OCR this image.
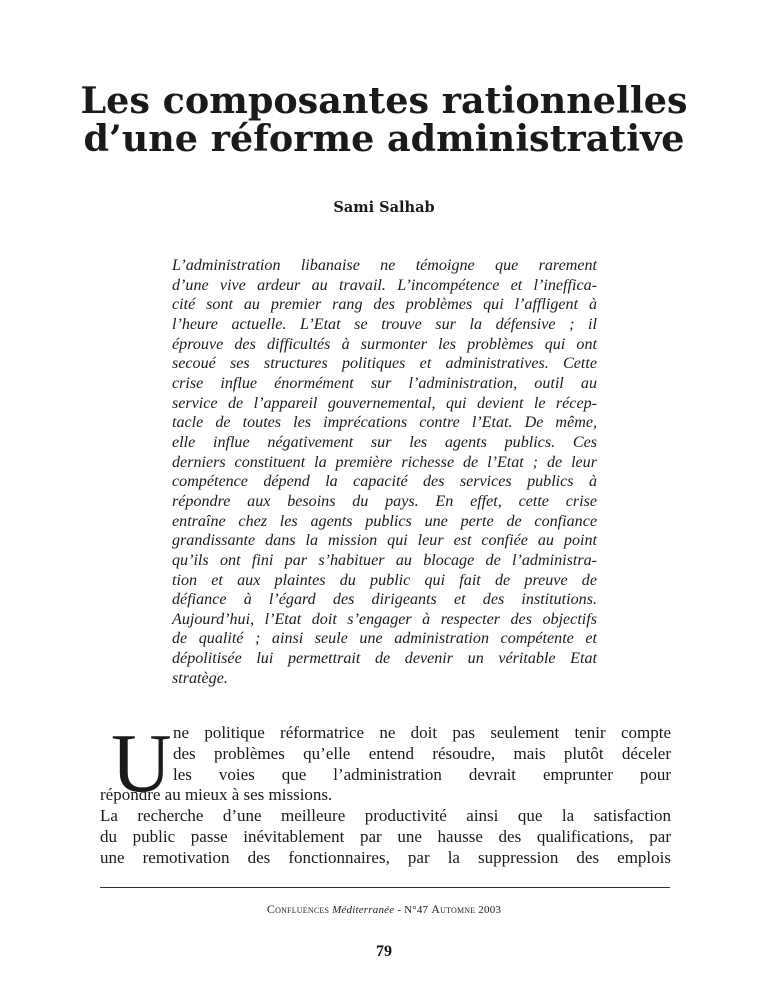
Les composantes rationnelles
d’une réforme administrative
Sami Salhab
L’administration libanaise ne témoigne que rarement
d’une vive ardeur au travail. L’incompétence et l’ineffica-
cité sont au premier rang des problèmes qui l’affligent à
l’heure actuelle. L’Etat se trouve sur la défensive ; il
éprouve des difficultés à surmonter les problèmes qui ont
secoué ses structures politiques et administratives. Cette
crise influe énormément sur l’administration, outil au
service de l’appareil gouvernemental, qui devient le récep-
tacle de toutes les imprécations contre l’Etat. De même,
elle influe négativement sur les agents publics. Ces
derniers constituent la première richesse de l’Etat ; de leur
compétence dépend la capacité des services publics à
répondre aux besoins du pays. En effet, cette crise
entraîne chez les agents publics une perte de confiance
grandissante dans la mission qui leur est confiée au point
qu’ils ont fini par s’habituer au blocage de l’administra-
tion et aux plaintes du public qui fait de preuve de
défiance à l’égard des dirigeants et des institutions.
Aujourd’hui, l’Etat doit s’engager à respecter des objectifs
de qualité ; ainsi seule une administration compétente et
dépolitisée lui permettrait de devenir un véritable Etat
stratège.
U ne politique réformatrice ne doit pas seulement tenir compte
des problèmes qu’elle entend résoudre, mais plutôt déceler
les voies que l’administration devrait emprunter pour
répondre au mieux à ses missions.
La recherche d’une meilleure productivité ainsi que la satisfaction
du public passe inévitablement par une hausse des qualifications, par
une remotivation des fonctionnaires, par la suppression des emplois
Confluences Méditerranée - N°47 Automne 2003
79
